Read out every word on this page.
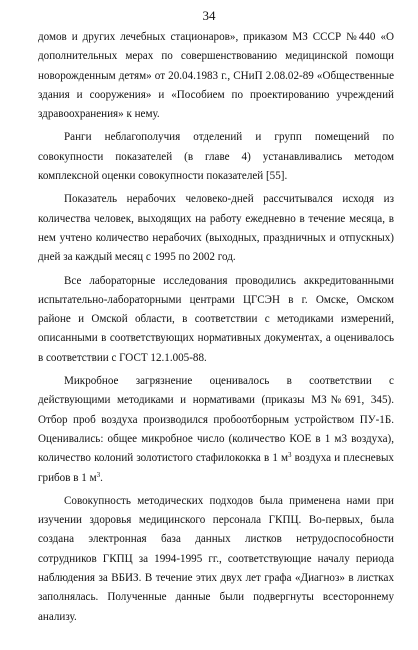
34

домов и других лечебных стационаров», приказом МЗ СССР №440 «О дополнительных мерах по совершенствованию медицинской помощи новорожденным детям» от 20.04.1983 г., СНиП 2.08.02-89 «Общественные здания и сооружения» и «Пособием по проектированию учреждений здравоохранения» к нему.

Ранги неблагополучия отделений и групп помещений по совокупности показателей (в главе 4) устанавливались методом комплексной оценки совокупности показателей [55].

Показатель нерабочих человеко-дней рассчитывался исходя из количества человек, выходящих на работу ежедневно в течение месяца, в нем учтено количество нерабочих (выходных, праздничных и отпускных) дней за каждый месяц с 1995 по 2002 год.

Все лабораторные исследования проводились аккредитованными испытательно-лабораторными центрами ЦГСЭН в г. Омске, Омском районе и Омской области, в соответствии с методиками измерений, описанными в соответствующих нормативных документах, а оценивалось в соответствии с ГОСТ 12.1.005-88.

Микробное загрязнение оценивалось в соответствии с действующими методиками и нормативами (приказы МЗ№691, 345). Отбор проб воздуха производился пробоотборным устройством ПУ-1Б. Оценивались: общее микробное число (количество КОЕ в 1 м3 воздуха), количество колоний золотистого стафилококка в 1 $м^3$ воздуха и плесневых грибов в 1 $м^3$.

Совокупность методических подходов была применена нами при изучении здоровья медицинского персонала ГКПЦ. Во-первых, была создана электронная база данных листков нетрудоспособности сотрудников ГКПЦ за 1994-1995 гг., соответствующие началу периода наблюдения за ВБИЗ. В течение этих двух лет графа «Диагноз» в листках заполнялась. Полученные данные были подвергнуты всестороннему анализу.
